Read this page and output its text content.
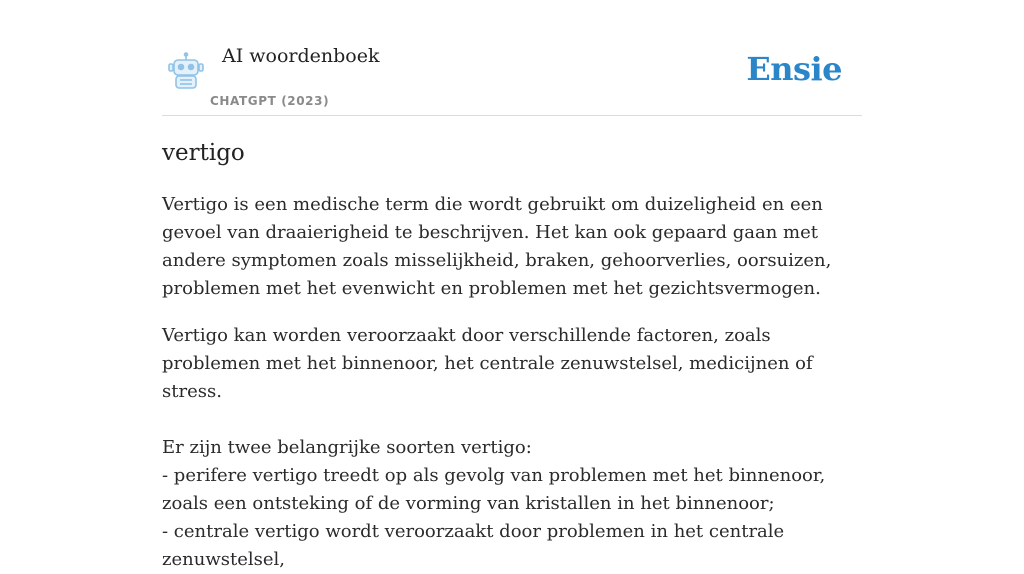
AI woordenboek
CHATGPT (2023)
Ensie
vertigo

Vertigo is een medische term die wordt gebruikt om duizeligheid en een gevoel van draaierigheid te beschrijven. Het kan ook gepaard gaan met andere symptomen zoals misselijkheid, braken, gehoorverlies, oorsuizen, problemen met het evenwicht en problemen met het gezichtsvermogen.

Vertigo kan worden veroorzaakt door verschillende factoren, zoals problemen met het binnenoor, het centrale zenuwstelsel, medicijnen of stress.

Er zijn twee belangrijke soorten vertigo:
- perifere vertigo treedt op als gevolg van problemen met het binnenoor, zoals een ontsteking of de vorming van kristallen in het binnenoor;
- centrale vertigo wordt veroorzaakt door problemen in het centrale zenuwstelsel,
